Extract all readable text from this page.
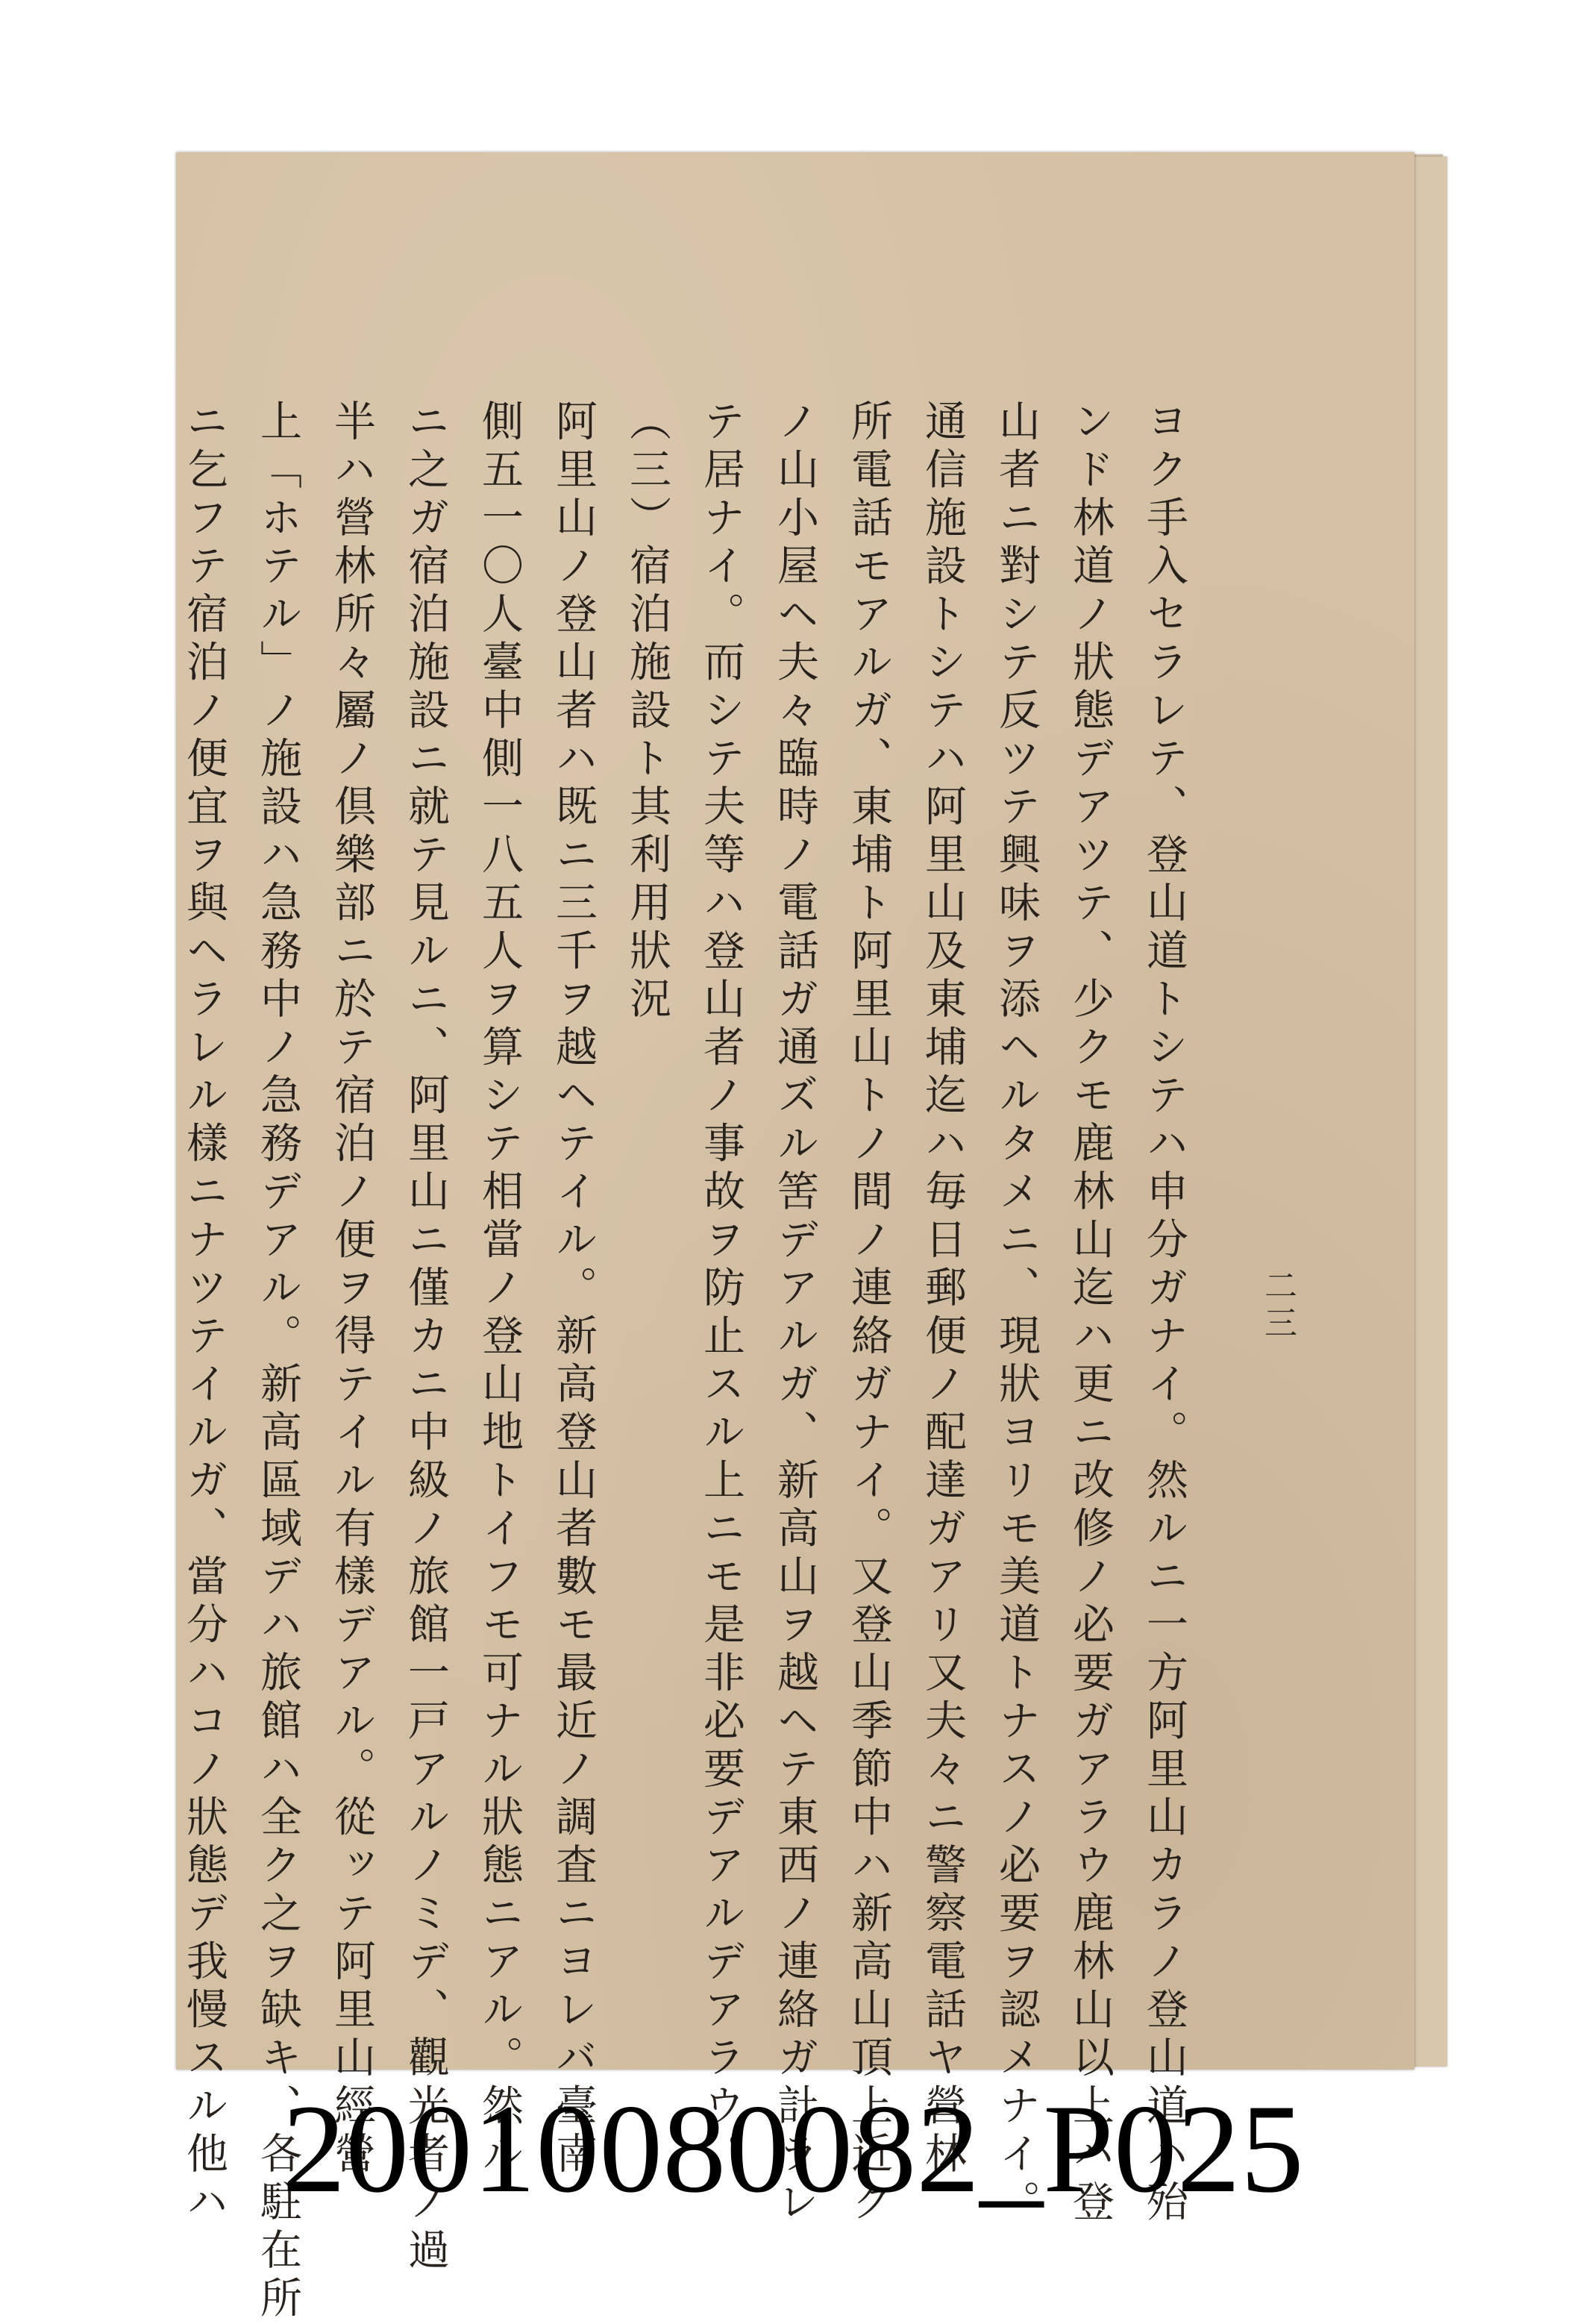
二三

ヨク手入セラレテ、登山道トシテハ申分ガナイ。然ルニ一方阿里山カラノ登山道ハ殆

ンド林道ノ狀態デアツテ、少クモ鹿林山迄ハ更ニ改修ノ必要ガアラウ鹿林山以上ハ登

山者ニ對シテ反ツテ興味ヲ添ヘルタメニ、現狀ヨリモ美道トナスノ必要ヲ認メナイ。

通信施設トシテハ阿里山及東埔迄ハ毎日郵便ノ配達ガアリ又夫々ニ警察電話ヤ營林

所電話モアルガ、東埔ト阿里山トノ間ノ連絡ガナイ。又登山季節中ハ新高山頂上近ク

ノ山小屋ヘ夫々臨時ノ電話ガ通ズル筈デアルガ、新高山ヲ越ヘテ東西ノ連絡ガ計ラレ

テ居ナイ。而シテ夫等ハ登山者ノ事故ヲ防止スル上ニモ是非必要デアルデアラウ。

（三）宿泊施設ト其利用狀況

阿里山ノ登山者ハ既ニ三千ヲ越ヘテイル。新高登山者數モ最近ノ調査ニヨレバ臺南

側五一〇人臺中側一八五人ヲ算シテ相當ノ登山地トイフモ可ナル狀態ニアル。然ル

ニ之ガ宿泊施設ニ就テ見ルニ、阿里山ニ僅カニ中級ノ旅館一戸アルノミデ、觀光者ノ過

半ハ營林所々屬ノ倶樂部ニ於テ宿泊ノ便ヲ得テイル有樣デアル。從ッテ阿里山經營

上「ホテル」ノ施設ハ急務中ノ急務デアル。新高區域デハ旅館ハ全ク之ヲ缺キ、各駐在所

ニ乞フテ宿泊ノ便宜ヲ與ヘラレル樣ニナツテイルガ、當分ハコノ狀態デ我慢スル他ハ 20010080082_P025
